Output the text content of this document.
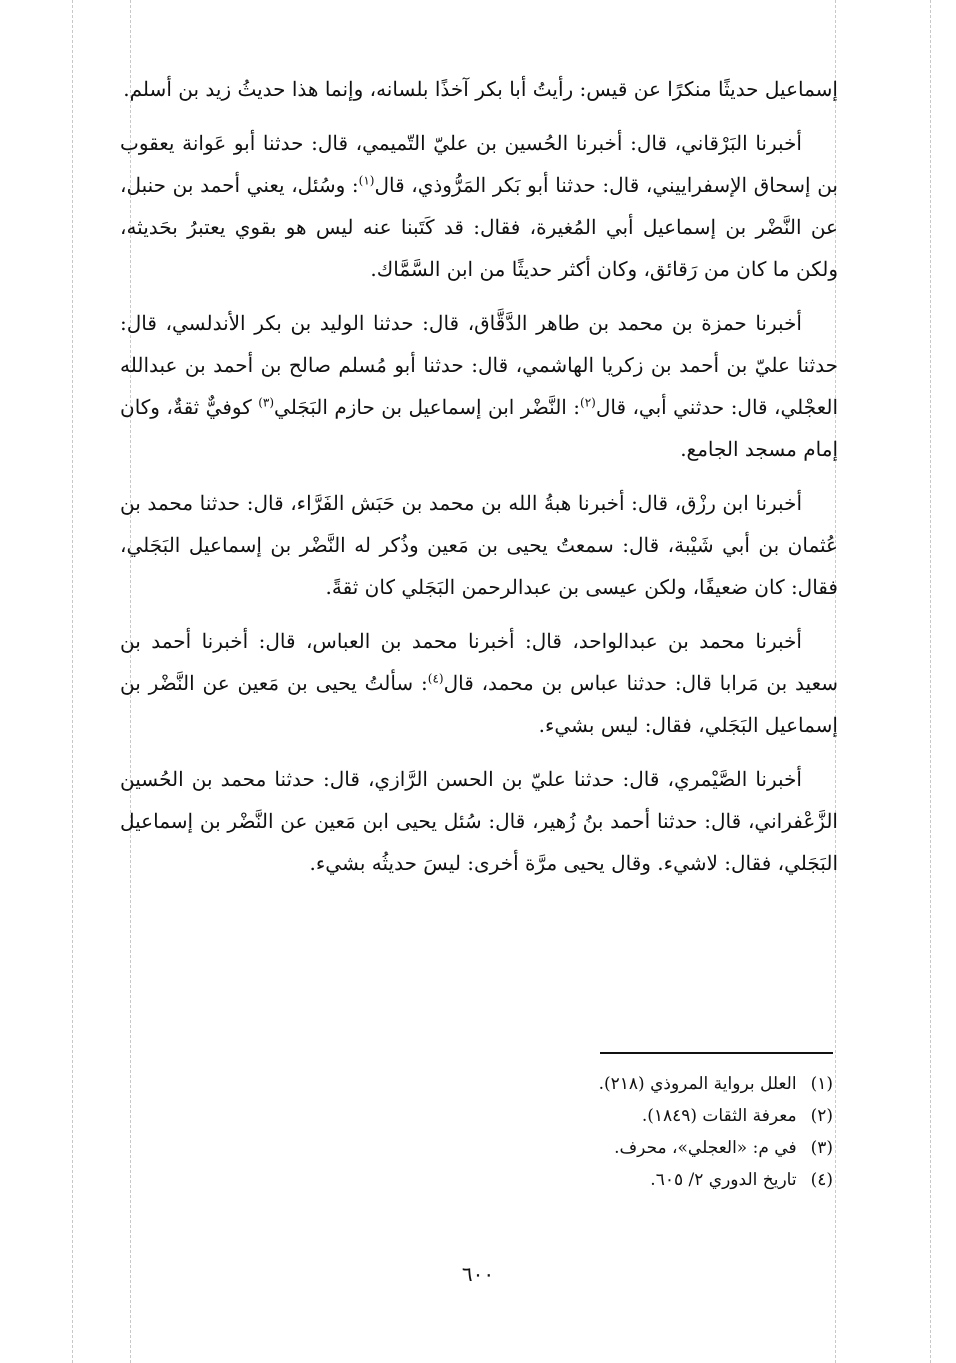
إسماعيل حديثًا منكرًا عن قيس: رأيتُ أبا بكر آخذًا بلسانه، وإنما هذا حديثُ زيد بن أسلم.

أخبرنا البَرْقاني، قال: أخبرنا الحُسين بن عليّ التّميمي، قال: حدثنا أبو عَوانة يعقوب بن إسحاق الإسفراييني، قال: حدثنا أبو بَكر المَرُّوذي، قال$^{(١)}$: وسُئل، يعني أحمد بن حنبل، عن النَّضْر بن إسماعيل أبي المُغيرة، فقال: قد كَتَبنا عنه ليس هو بقوي يعتبرُ بحَديثه، ولكن ما كان من رَقائق، وكان أكثر حديثًا من ابن السَّمَّاك.

أخبرنا حمزة بن محمد بن طاهر الدَّقَّاق، قال: حدثنا الوليد بن بكر الأندلسي، قال: حدثنا عليّ بن أحمد بن زكريا الهاشمي، قال: حدثنا أبو مُسلم صالح بن أحمد بن عبدالله العجْلي، قال: حدثني أبي، قال$^{(٢)}$: النَّضْر ابن إسماعيل بن حازم البَجَلي$^{(٣)}$ كوفيٌّ ثقةٌ، وكان إمام مسجد الجامع.

أخبرنا ابن رزْق، قال: أخبرنا هبةُ الله بن محمد بن حَبَش الفَرَّاء، قال: حدثنا محمد بن عُثمان بن أبي شَيْبة، قال: سمعتُ يحيى بن مَعين وذُكر له النَّضْر بن إسماعيل البَجَلي، فقال: كان ضعيفًا، ولكن عيسى بن عبدالرحمن البَجَلي كان ثقةً.

أخبرنا محمد بن عبدالواحد، قال: أخبرنا محمد بن العباس، قال: أخبرنا أحمد بن سعيد بن مَرابا قال: حدثنا عباس بن محمد، قال$^{(٤)}$: سألتُ يحيى بن مَعين عن النَّضْر بن إسماعيل البَجَلي، فقال: ليس بشيء.

أخبرنا الصَّيْمري، قال: حدثنا عليّ بن الحسن الرَّازي، قال: حدثنا محمد بن الحُسين الزَّعْفراني، قال: حدثنا أحمد بنُ زُهير، قال: سُئل يحيى ابن مَعين عن النَّضْر بن إسماعيل البَجَلي، فقال: لاشيء. وقال يحيى مرَّة أخرى: ليسَ حديثُه بشيء.

(١)
العلل برواية المروذي (٢١٨).
(٢)
معرفة الثقات (١٨٤٩).
(٣)
في م: «العجلي»، محرف.
(٤)
تاريخ الدوري ٢/ ٦٠٥.
٦٠٠
